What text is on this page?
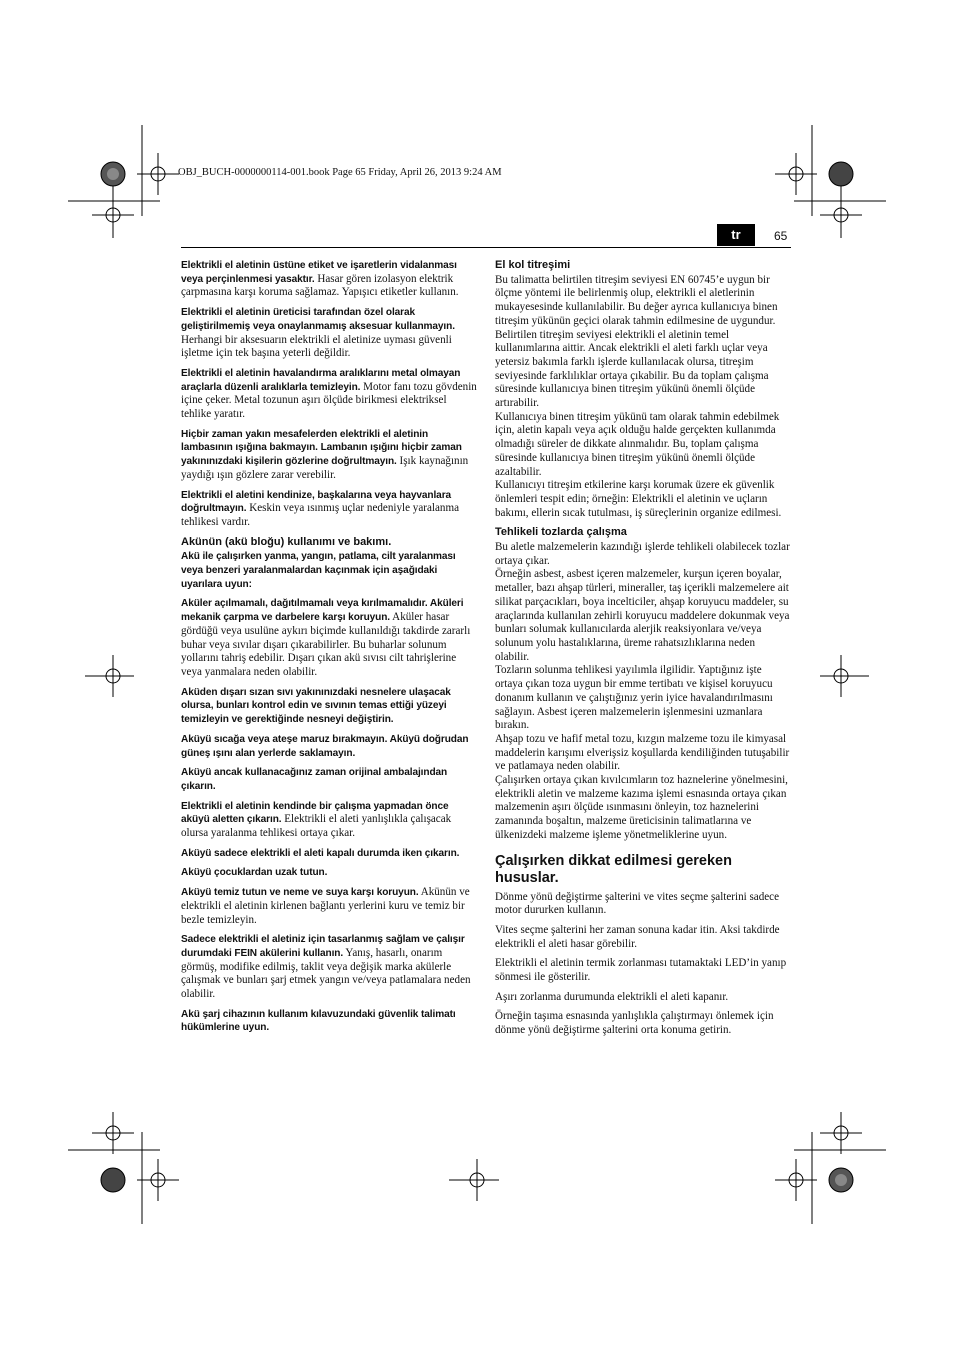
OBJ_BUCH-0000000114-001.book Page 65 Friday, April 26, 2013 9:24 AM
tr	65

Elektrikli el aletinin üstüne etiket ve işaretlerin vidalanması veya perçinlenmesi yasaktır. Hasar gören izolasyon elektrik çarpmasına karşı koruma sağlamaz. Yapışıcı etiketler kullanın.

Elektrikli el aletinin üreticisi tarafından özel olarak geliştirilmemiş veya onaylanmamış aksesuar kullanmayın. Herhangi bir aksesuarın elektrikli el aletinize uyması güvenli işletme için tek başına yeterli değildir.

Elektrikli el aletinin havalandırma aralıklarını metal olmayan araçlarla düzenli aralıklarla temizleyin. Motor fanı tozu gövdenin içine çeker. Metal tozunun aşırı ölçüde birikmesi elektriksel tehlike yaratır.

Hiçbir zaman yakın mesafelerden elektrikli el aletinin lambasının ışığına bakmayın. Lambanın ışığını hiçbir zaman yakınınızdaki kişilerin gözlerine doğrultmayın. Işık kaynağının yaydığı ışın gözlere zarar verebilir.

Elektrikli el aletini kendinize, başkalarına veya hayvanlara doğrultmayın. Keskin veya ısınmış uçlar nedeniyle yaralanma tehlikesi vardır.

Akünün (akü bloğu) kullanımı ve bakımı.

Akü ile çalışırken yanma, yangın, patlama, cilt yaralanması veya benzeri yaralanmalardan kaçınmak için aşağıdaki uyarılara uyun:

Aküler açılmamalı, dağıtılmamalı veya kırılmamalıdır. Aküleri mekanik çarpma ve darbelere karşı koruyun. Aküler hasar gördüğü veya usulüne aykırı biçimde kullanıldığı takdirde zararlı buhar veya sıvılar dışarı çıkarabilirler. Bu buharlar solunum yollarını tahriş edebilir. Dışarı çıkan akü sıvısı cilt tahrişlerine veya yanmalara neden olabilir.

Aküden dışarı sızan sıvı yakınınızdaki nesnelere ulaşacak olursa, bunları kontrol edin ve sıvının temas ettiği yüzeyi temizleyin ve gerektiğinde nesneyi değiştirin.

Aküyü sıcağa veya ateşe maruz bırakmayın. Aküyü doğrudan güneş ışını alan yerlerde saklamayın.

Aküyü ancak kullanacağınız zaman orijinal ambalajından çıkarın.

Elektrikli el aletinin kendinde bir çalışma yapmadan önce aküyü aletten çıkarın. Elektrikli el aleti yanlışlıkla çalışacak olursa yaralanma tehlikesi ortaya çıkar.

Aküyü sadece elektrikli el aleti kapalı durumda iken çıkarın.

Aküyü çocuklardan uzak tutun.

Aküyü temiz tutun ve neme ve suya karşı koruyun. Akünün ve elektrikli el aletinin kirlenen bağlantı yerlerini kuru ve temiz bir bezle temizleyin.

Sadece elektrikli el aletiniz için tasarlanmış sağlam ve çalışır durumdaki FEIN akülerini kullanın. Yanış, hasarlı, onarım görmüş, modifike edilmiş, taklit veya değişik marka akülerle çalışmak ve bunları şarj etmek yangın ve/veya patlamalara neden olabilir.

Akü şarj cihazının kullanım kılavuzundaki güvenlik talimatı hükümlerine uyun.

El kol titreşimi

Bu talimatta belirtilen titreşim seviyesi EN 60745’e uygun bir ölçme yöntemi ile belirlenmiş olup, elektrikli el aletlerinin mukayesesinde kullanılabilir. Bu değer ayrıca kullanıcıya binen titreşim yükünün geçici olarak tahmin edilmesine de uygundur.

Belirtilen titreşim seviyesi elektrikli el aletinin temel kullanımlarına aittir. Ancak elektrikli el aleti farklı uçlar veya yetersiz bakımla farklı işlerde kullanılacak olursa, titreşim seviyesinde farklılıklar ortaya çıkabilir. Bu da toplam çalışma süresinde kullanıcıya binen titreşim yükünü önemli ölçüde artırabilir.

Kullanıcıya binen titreşim yükünü tam olarak tahmin edebilmek için, aletin kapalı veya açık olduğu halde gerçekten kullanımda olmadığı süreler de dikkate alınmalıdır. Bu, toplam çalışma süresinde kullanıcıya binen titreşim yükünü önemli ölçüde azaltabilir.

Kullanıcıyı titreşim etkilerine karşı korumak üzere ek güvenlik önlemleri tespit edin; örneğin: Elektrikli el aletinin ve uçların bakımı, ellerin sıcak tutulması, iş süreçlerinin organize edilmesi.

Tehlikeli tozlarda çalışma

Bu aletle malzemelerin kazındığı işlerde tehlikeli olabilecek tozlar ortaya çıkar.

Örneğin asbest, asbest içeren malzemeler, kurşun içeren boyalar, metaller, bazı ahşap türleri, mineraller, taş içerikli malzemelere ait silikat parçacıkları, boya incelticiler, ahşap koruyucu maddeler, su araçlarında kullanılan zehirli koruyucu maddelere dokunmak veya bunları solumak kullanıcılarda alerjik reaksiyonlara ve/veya solunum yolu hastalıklarına, üreme rahatsızlıklarına neden olabilir.

Tozların solunma tehlikesi yayılımla ilgilidir. Yaptığınız işte ortaya çıkan toza uygun bir emme tertibatı ve kişisel koruyucu donanım kullanın ve çalıştığınız yerin iyice havalandırılmasını sağlayın. Asbest içeren malzemelerin işlenmesini uzmanlara bırakın.

Ahşap tozu ve hafif metal tozu, kızgın malzeme tozu ile kimyasal maddelerin karışımı elverişsiz koşullarda kendiliğinden tutuşabilir ve patlamaya neden olabilir.

Çalışırken ortaya çıkan kıvılcımların toz haznelerine yönelmesini, elektrikli aletin ve malzeme kazıma işlemi esnasında ortaya çıkan malzemenin aşırı ölçüde ısınmasını önleyin, toz haznelerini zamanında boşaltın, malzeme üreticisinin talimatlarına ve ülkenizdeki malzeme işleme yönetmeliklerine uyun.

Çalışırken dikkat edilmesi gereken hususlar.

Dönme yönü değiştirme şalterini ve vites seçme şalterini sadece motor dururken kullanın.

Vites seçme şalterini her zaman sonuna kadar itin. Aksi takdirde elektrikli el aleti hasar görebilir.

Elektrikli el aletinin termik zorlanması tutamaktaki LED’in yanıp sönmesi ile gösterilir.

Aşırı zorlanma durumunda elektrikli el aleti kapanır.

Örneğin taşıma esnasında yanlışlıkla çalıştırmayı önlemek için dönme yönü değiştirme şalterini orta konuma getirin.
